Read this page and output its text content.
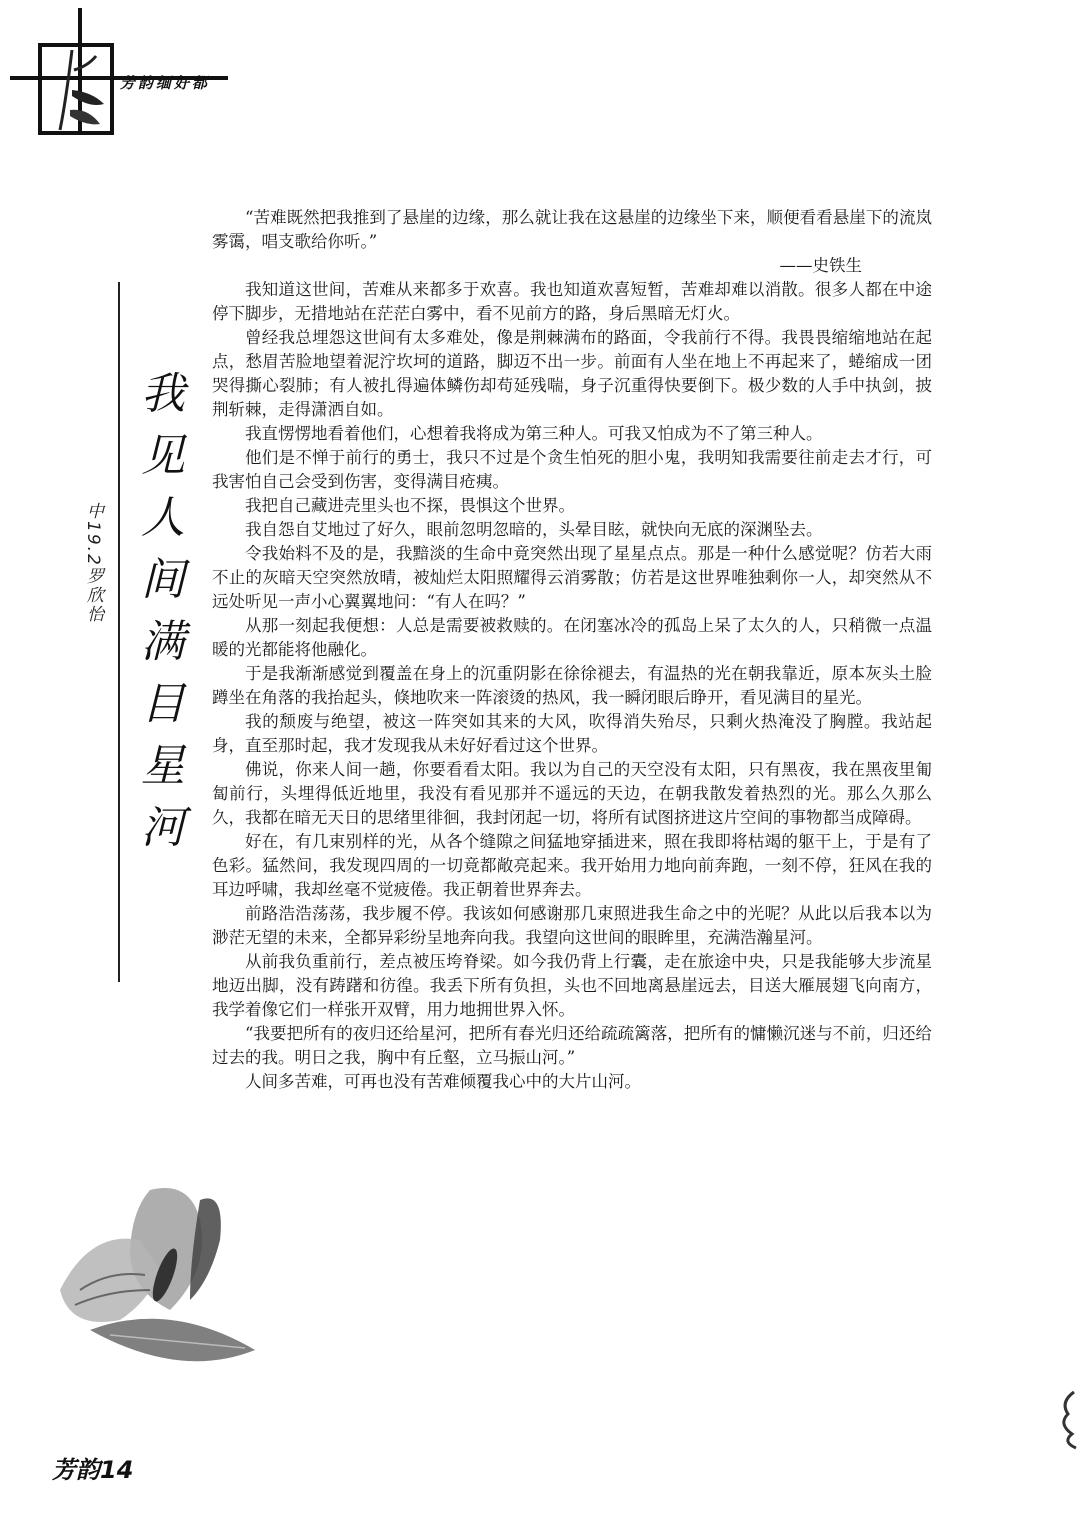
芳韵缅好都
我见人间满目星河
中19.2罗欣怡

“苦难既然把我推到了悬崖的边缘，那么就让我在这悬崖的边缘坐下来，顺便看看悬崖下的流岚雾霭，唱支歌给你听。”

——史铁生

我知道这世间，苦难从来都多于欢喜。我也知道欢喜短暂，苦难却难以消散。很多人都在中途停下脚步，无措地站在茫茫白雾中，看不见前方的路，身后黑暗无灯火。

曾经我总埋怨这世间有太多难处，像是荆棘满布的路面，令我前行不得。我畏畏缩缩地站在起点，愁眉苦脸地望着泥泞坎坷的道路，脚迈不出一步。前面有人坐在地上不再起来了，蜷缩成一团哭得撕心裂肺；有人被扎得遍体鳞伤却苟延残喘，身子沉重得快要倒下。极少数的人手中执剑，披荆斩棘，走得潇洒自如。

我直愣愣地看着他们，心想着我将成为第三种人。可我又怕成为不了第三种人。

他们是不惮于前行的勇士，我只不过是个贪生怕死的胆小鬼，我明知我需要往前走去才行，可我害怕自己会受到伤害，变得满目疮痍。

我把自己藏进壳里头也不探，畏惧这个世界。

我自怨自艾地过了好久，眼前忽明忽暗的，头晕目眩，就快向无底的深渊坠去。

令我始料不及的是，我黯淡的生命中竟突然出现了星星点点。那是一种什么感觉呢？仿若大雨不止的灰暗天空突然放晴，被灿烂太阳照耀得云消雾散；仿若是这世界唯独剩你一人，却突然从不远处听见一声小心翼翼地问：“有人在吗？”

从那一刻起我便想：人总是需要被救赎的。在闭塞冰冷的孤岛上呆了太久的人，只稍微一点温暖的光都能将他融化。

于是我渐渐感觉到覆盖在身上的沉重阴影在徐徐褪去，有温热的光在朝我靠近，原本灰头土脸蹲坐在角落的我抬起头，倏地吹来一阵滚烫的热风，我一瞬闭眼后睁开，看见满目的星光。

我的颓废与绝望，被这一阵突如其来的大风，吹得消失殆尽，只剩火热淹没了胸膛。我站起身，直至那时起，我才发现我从未好好看过这个世界。

佛说，你来人间一趟，你要看看太阳。我以为自己的天空没有太阳，只有黑夜，我在黑夜里匍匐前行，头埋得低近地里，我没有看见那并不遥远的天边，在朝我散发着热烈的光。那么久那么久，我都在暗无天日的思绪里徘徊，我封闭起一切，将所有试图挤进这片空间的事物都当成障碍。

好在，有几束别样的光，从各个缝隙之间猛地穿插进来，照在我即将枯竭的躯干上，于是有了色彩。猛然间，我发现四周的一切竟都敞亮起来。我开始用力地向前奔跑，一刻不停，狂风在我的耳边呼啸，我却丝毫不觉疲倦。我正朝着世界奔去。

前路浩浩荡荡，我步履不停。我该如何感谢那几束照进我生命之中的光呢？从此以后我本以为渺茫无望的未来，全都异彩纷呈地奔向我。我望向这世间的眼眸里，充满浩瀚星河。

从前我负重前行，差点被压垮脊梁。如今我仍背上行囊，走在旅途中央，只是我能够大步流星地迈出脚，没有踌躇和彷徨。我丢下所有负担，头也不回地离悬崖远去，目送大雁展翅飞向南方，我学着像它们一样张开双臂，用力地拥世界入怀。

“我要把所有的夜归还给星河，把所有春光归还给疏疏篱落，把所有的慵懒沉迷与不前，归还给过去的我。明日之我，胸中有丘壑，立马振山河。”

人间多苦难，可再也没有苦难倾覆我心中的大片山河。

芳韵14
